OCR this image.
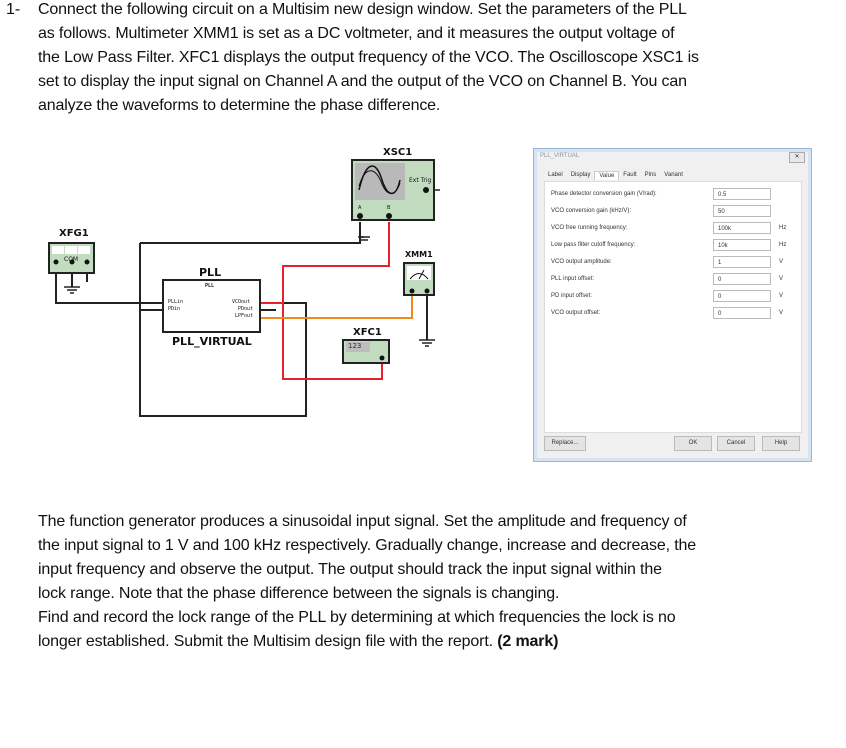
1- Connect the following circuit on a Multisim new design window. Set the parameters of the PLL
as follows. Multimeter XMM1 is set as a DC voltmeter, and it measures the output voltage of
the Low Pass Filter. XFC1 displays the output frequency of the VCO. The Oscilloscope XSC1 is
set to display the input signal on Channel A and the output of the VCO on Channel B. You can
analyze the waveforms to determine the phase difference.
XSC1
Ext Trig
A	B
XFG1
COM
PLL
PLL
PLLin
PDin
VCOout
PDout
LPFout
PLL_VIRTUAL
XMM1
XFC1
123
PLL_VIRTUAL	✕
Label	Display	Value	Fault	Pins	Variant
Phase detector conversion gain (V/rad):	0.5
VCO conversion gain (kHz/V):	50
VCO free running frequency:	100k	Hz
Low pass filter cutoff frequency:	10k	Hz
VCO output amplitude:	1	V
PLL input offset:	0	V
PD input offset:	0	V
VCO output offset:	0	V
Replace...	OK	Cancel	Help
The function generator produces a sinusoidal input signal. Set the amplitude and frequency of
the input signal to 1 V and 100 kHz respectively. Gradually change, increase and decrease, the
input frequency and observe the output. The output should track the input signal within the
lock range. Note that the phase difference between the signals is changing.
Find and record the lock range of the PLL by determining at which frequencies the lock is no
longer established. Submit the Multisim design file with the report. (2 mark)
